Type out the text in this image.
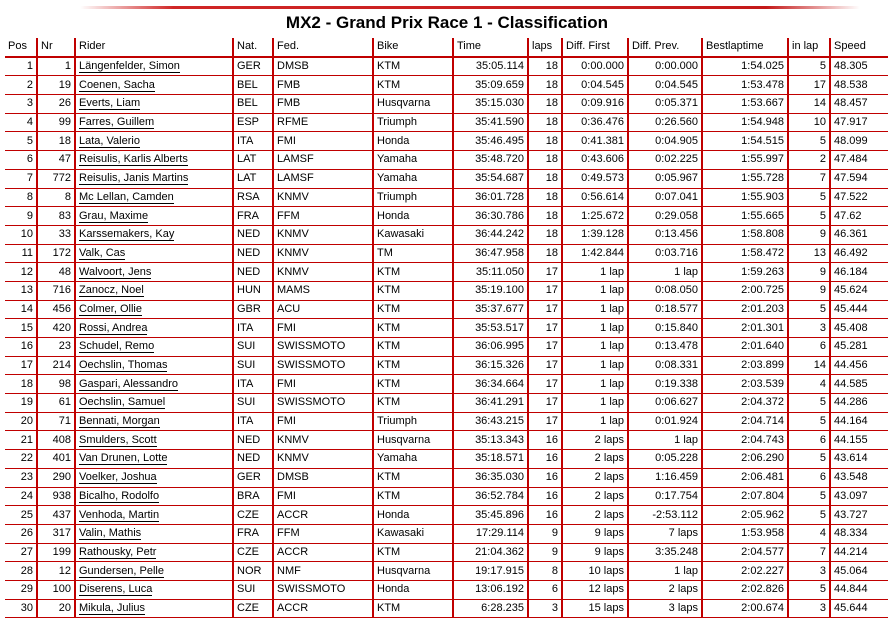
MX2 - Grand Prix Race 1 - Classification
Pos	Nr	Rider	Nat.	Fed.	Bike	Time	laps	Diff. First	Diff. Prev.	Bestlaptime	in lap	Speed
1	1	Längenfelder, Simon	GER	DMSB	KTM	35:05.114	18	0:00.000	0:00.000	1:54.025	5	48.305
2	19	Coenen, Sacha	BEL	FMB	KTM	35:09.659	18	0:04.545	0:04.545	1:53.478	17	48.538
3	26	Everts, Liam	BEL	FMB	Husqvarna	35:15.030	18	0:09.916	0:05.371	1:53.667	14	48.457
4	99	Farres, Guillem	ESP	RFME	Triumph	35:41.590	18	0:36.476	0:26.560	1:54.948	10	47.917
5	18	Lata, Valerio	ITA	FMI	Honda	35:46.495	18	0:41.381	0:04.905	1:54.515	5	48.099
6	47	Reisulis, Karlis Alberts	LAT	LAMSF	Yamaha	35:48.720	18	0:43.606	0:02.225	1:55.997	2	47.484
7	772	Reisulis, Janis Martins	LAT	LAMSF	Yamaha	35:54.687	18	0:49.573	0:05.967	1:55.728	7	47.594
8	8	Mc Lellan, Camden	RSA	KNMV	Triumph	36:01.728	18	0:56.614	0:07.041	1:55.903	5	47.522
9	83	Grau, Maxime	FRA	FFM	Honda	36:30.786	18	1:25.672	0:29.058	1:55.665	5	47.62
10	33	Karssemakers, Kay	NED	KNMV	Kawasaki	36:44.242	18	1:39.128	0:13.456	1:58.808	9	46.361
11	172	Valk, Cas	NED	KNMV	TM	36:47.958	18	1:42.844	0:03.716	1:58.472	13	46.492
12	48	Walvoort, Jens	NED	KNMV	KTM	35:11.050	17	1 lap	1 lap	1:59.263	9	46.184
13	716	Zanocz, Noel	HUN	MAMS	KTM	35:19.100	17	1 lap	0:08.050	2:00.725	9	45.624
14	456	Colmer, Ollie	GBR	ACU	KTM	35:37.677	17	1 lap	0:18.577	2:01.203	5	45.444
15	420	Rossi, Andrea	ITA	FMI	KTM	35:53.517	17	1 lap	0:15.840	2:01.301	3	45.408
16	23	Schudel, Remo	SUI	SWISSMOTO	KTM	36:06.995	17	1 lap	0:13.478	2:01.640	6	45.281
17	214	Oechslin, Thomas	SUI	SWISSMOTO	KTM	36:15.326	17	1 lap	0:08.331	2:03.899	14	44.456
18	98	Gaspari, Alessandro	ITA	FMI	KTM	36:34.664	17	1 lap	0:19.338	2:03.539	4	44.585
19	61	Oechslin, Samuel	SUI	SWISSMOTO	KTM	36:41.291	17	1 lap	0:06.627	2:04.372	5	44.286
20	71	Bennati, Morgan	ITA	FMI	Triumph	36:43.215	17	1 lap	0:01.924	2:04.714	5	44.164
21	408	Smulders, Scott	NED	KNMV	Husqvarna	35:13.343	16	2 laps	1 lap	2:04.743	6	44.155
22	401	Van Drunen, Lotte	NED	KNMV	Yamaha	35:18.571	16	2 laps	0:05.228	2:06.290	5	43.614
23	290	Voelker, Joshua	GER	DMSB	KTM	36:35.030	16	2 laps	1:16.459	2:06.481	6	43.548
24	938	Bicalho, Rodolfo	BRA	FMI	KTM	36:52.784	16	2 laps	0:17.754	2:07.804	5	43.097
25	437	Venhoda, Martin	CZE	ACCR	Honda	35:45.896	16	2 laps	-2:53.112	2:05.962	5	43.727
26	317	Valin, Mathis	FRA	FFM	Kawasaki	17:29.114	9	9 laps	7 laps	1:53.958	4	48.334
27	199	Rathousky, Petr	CZE	ACCR	KTM	21:04.362	9	9 laps	3:35.248	2:04.577	7	44.214
28	12	Gundersen, Pelle	NOR	NMF	Husqvarna	19:17.915	8	10 laps	1 lap	2:02.227	3	45.064
29	100	Diserens, Luca	SUI	SWISSMOTO	Honda	13:06.192	6	12 laps	2 laps	2:02.826	5	44.844
30	20	Mikula, Julius	CZE	ACCR	KTM	6:28.235	3	15 laps	3 laps	2:00.674	3	45.644
